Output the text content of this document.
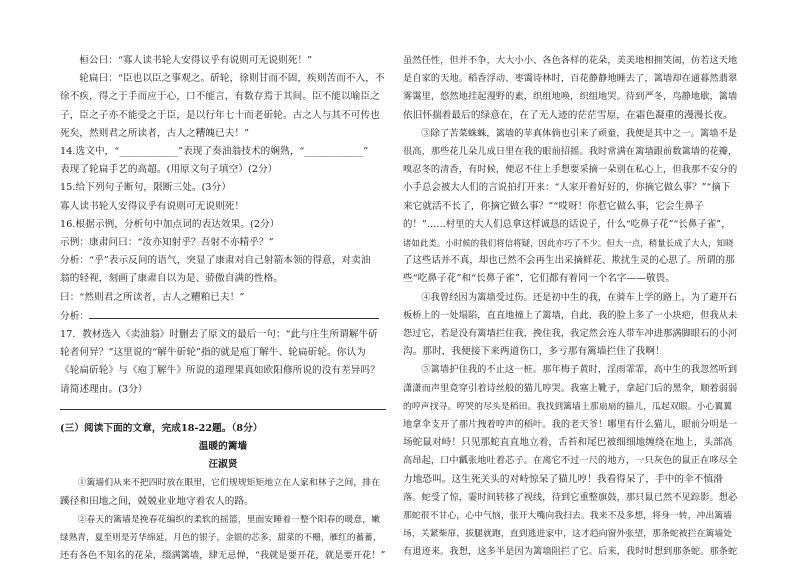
桓公曰：“寡人读书轮人安得议乎有说则可无说则死！”

轮扁曰：“臣也以臣之事观之。斫轮，徐则甘而不固，疾则苦而不入，不

徐不疾，得之于手而应于心，口不能言，有数存焉于其间。臣不能以喻臣之

子，臣之子亦不能受之于臣，是以行年七十而老斫轮。古之人与其不可传也

死矣，然则君之所读者，古人之糟魄已夫！”

14.选文中，“____________”表现了奏油翁技术的娴熟，“____________”

表现了轮扁手艺的高超。(用原文句子填空）(2分）

15.给下列句子断句，限断三处。(3分）

寡人读书轮人安得议乎有说则可无说则死！

16.根据示例，分析句中加点词的表达效果。(2分）

示例：康肃问曰：“汝亦知射乎？吾射不亦精乎？”

分析：“乎”表示反问的语气，突显了康肃对自己射箭本领的得意，对卖油

翁的轻视，刻画了康肃自以为是、骄傲自满的性格。

曰：“然则君之所读者，古人之糟粕已夫！”

分析：

17．教材选入《卖油翁》时删去了原文的最后一句：“此与庄生所谓解牛斫

轮者何异？”这里说的“解牛斫轮”指的就是庖丁解牛、轮扁斫轮。你认为

《轮扁斫轮》与《庖丁解牛》所说的道理果真如欧阳修所说的没有差异吗？

请简述理由。(3分）

(三）阅读下面的文章，完成18-22题。（8分）

温暖的篱墙

汪淑贤

①篱墙们从来不把四时放在眼里，它们规规矩矩地立在人家和林子之间，排在

蹊径和田地之间，兢兢业业地守着农人的路。

②春天的篱墙是挽春花编织的柔软的摇篮，里面安睡着一整个阳春的暖意，嫩

绿熟青，夏至则是芳华绵延，月色的银子，金银的芯多，甜菜的不栅，雁红的蓄蓄，

还有各色不知名的花朵，缀满篱墙，肆无忌惮，“我就是要开花，就是要开花！”

虽然任性，但并不争，大大小小、各色各样的花朵，美美地相拥笑闹，仿若这天地

是自家的天地。稻香浮动、枣霭诗林时，百花静静地睡去了，篱墙却在通暮然翡翠

雾霭里，悠然地挂起漫野的素，织组地唤，织组地哭。待到严冬，鸟静地歇，篱墙

依旧怀揣着最后的绿意在，在了无人迹的茫茫雪原，在霜色凝重的漫漫长夜。

③除了苦菜蛛蛛，篱墙的苹真体倘也引来了顽童，我便是其中之一。篱墙不是

很高，那些花儿朵儿成日里在我的眼前招摇。我时常满在篱墙跟前数篱墙的花瓣，

嗅忍冬的清香，有时候，便忍不住上手想要采摘一朵别在私心上，但我那不安分的

小手总会被大人们的言说拍打开来：“人家开着好好的，你摘它做么事？”“摘下

来它就活不长了，你摘它做么事？”“哎呀！你惹它做么事，它会生鼻子

的！”……村里的大人们总拿这样诚恳的话说子，什么“吃鼻子花”“长鼻子雀”，

诸如此类。小时候的我们将信将疑，因此亦巧了不少。但大一点，稍量长成了大人，知晓

了这些话并不真，却也已然不会再生出采摘鲜花、欺扰生灵的心思了。所谓的那

些“吃鼻子花”和“长鼻子雀”，它们都有着同一个名字——敬畏。

④我曾经因为篱墙受过伤。还是初中生的我，在骑车上学的路上，为了避开石

板桥上的一处塌陷，直直地撞上了篱墙，自此，我的脸上多了一小块疤，但我从未

怨过它，若是没有篱墙拦住我，挽住我，我定然会连人带车冲进那满脚眼石的小河

沟。那时，我便接下来两道伤口，多亏那有篱墙拦住了我啊！

⑤篱墙护住我的不止这一桩。那年梅子黄时，淫雨霏霏，高中生的我忽然听到

潇潇而声里竟穿引着诗丝般的猫儿哼哭。我塞上靴子，拿起门后的黑伞，顺着弱弱

的哼声找寻。哼哭的尽头是稻田。我找到篱墙上那扇扇的猫儿，瓜起双眼。小心翼翼

地拿伞支开了那片拽着哼声的稻叶。我的老天爷！哪里有什么猫儿，眼前分明是一

场蛇鼠对峙！只见那蛇直直地立着，舌苔和尾巴被细细地缠绕在地上，头部高

高昂起，口中瓤张地吐着芯子。在离它不过一尺的地方，一只灰色的鼠正在哆尽全

力地恐叫。这生死关头的对峙惊呆了猫儿哼！我看得呆了，手中的伞不慎滑

落。蛇受了惊，霎时间转移了视线，待到它重整旗鼓，那只鼠已然不见踪影。想必

那蛇很不甘心，心中气恼，张开大嘴向我扫去。我来不及多想，将身一转，冲出篱墙

场，关紧柴扉，拔腿就跑，直到逃进家中，这才趋向窗外张望，那条蛇被拦在篱墙处

有退迹来。我想，这多半是因为篱墙阻拦了它。后来，我时时想到那条蛇。那条蛇
